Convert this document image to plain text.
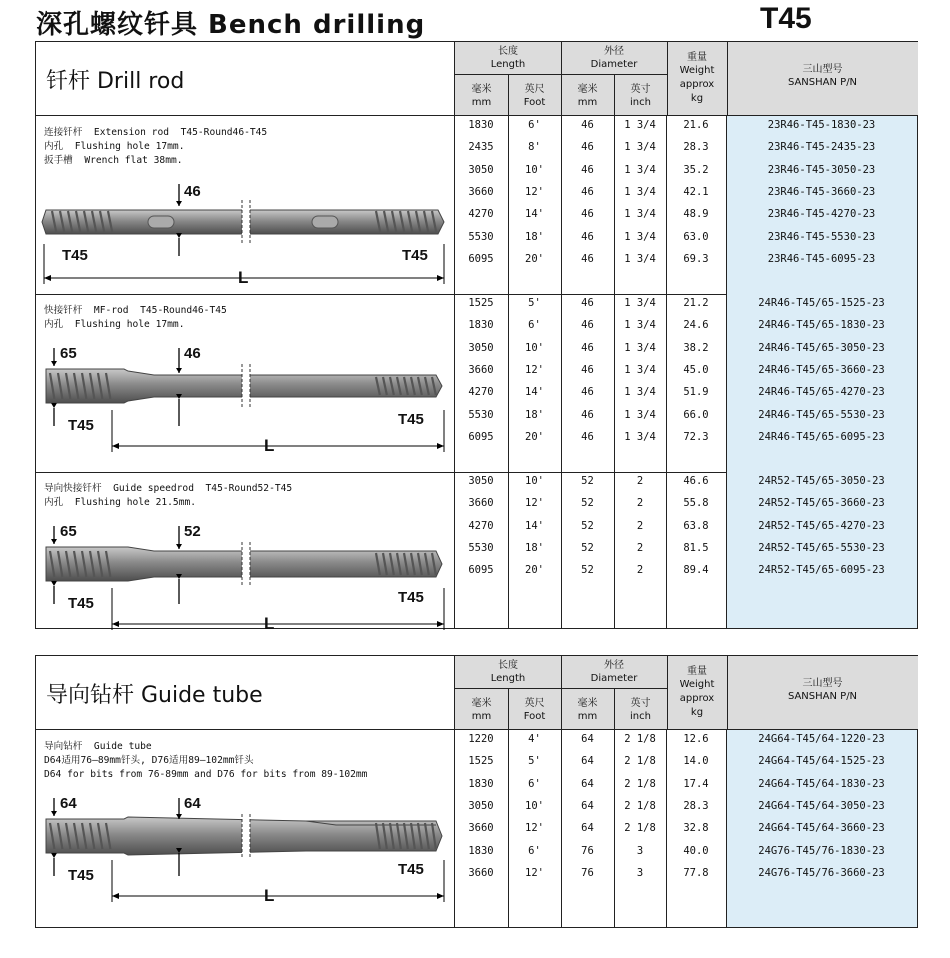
深孔螺纹钎具 Bench drilling	T45
钎杆 Drill rod
长度
Length
外径
Diameter
毫米
mm
英尺
Foot
毫米
mm
英寸
inch
重量
Weight
approx
kg
三山型号
SANSHAN P/N
连接钎杆  Extension rod  T45-Round46-T45
内孔  Flushing hole 17mm.
扳手槽  Wrench flat 38mm.
1830	6'	46	1 3/4	21.6	23R46-T45-1830-23
2435	8'	46	1 3/4	28.3	23R46-T45-2435-23
3050	10'	46	1 3/4	35.2	23R46-T45-3050-23
3660	12'	46	1 3/4	42.1	23R46-T45-3660-23
4270	14'	46	1 3/4	48.9	23R46-T45-4270-23
5530	18'	46	1 3/4	63.0	23R46-T45-5530-23
6095	20'	46	1 3/4	69.3	23R46-T45-6095-23
46
T45	T45
L
快接钎杆  MF-rod  T45-Round46-T45
内孔  Flushing hole 17mm.
1525	5'	46	1 3/4	21.2	24R46-T45/65-1525-23
1830	6'	46	1 3/4	24.6	24R46-T45/65-1830-23
3050	10'	46	1 3/4	38.2	24R46-T45/65-3050-23
3660	12'	46	1 3/4	45.0	24R46-T45/65-3660-23
4270	14'	46	1 3/4	51.9	24R46-T45/65-4270-23
5530	18'	46	1 3/4	66.0	24R46-T45/65-5530-23
6095	20'	46	1 3/4	72.3	24R46-T45/65-6095-23
65	46
T45	T45
L
导向快接钎杆  Guide speedrod  T45-Round52-T45
内孔  Flushing hole 21.5mm.
3050	10'	52	2	46.6	24R52-T45/65-3050-23
3660	12'	52	2	55.8	24R52-T45/65-3660-23
4270	14'	52	2	63.8	24R52-T45/65-4270-23
5530	18'	52	2	81.5	24R52-T45/65-5530-23
6095	20'	52	2	89.4	24R52-T45/65-6095-23
65	52
T45	T45
L
导向钻杆 Guide tube
长度
Length
外径
Diameter
毫米
mm
英尺
Foot
毫米
mm
英寸
inch
重量
Weight
approx
kg
三山型号
SANSHAN P/N
导向钻杆  Guide tube
D64适用76—89mm钎头, D76适用89—102mm钎头
D64 for bits from 76-89mm and D76 for bits from 89-102mm
1220	4'	64	2 1/8	12.6	24G64-T45/64-1220-23
1525	5'	64	2 1/8	14.0	24G64-T45/64-1525-23
1830	6'	64	2 1/8	17.4	24G64-T45/64-1830-23
3050	10'	64	2 1/8	28.3	24G64-T45/64-3050-23
3660	12'	64	2 1/8	32.8	24G64-T45/64-3660-23
1830	6'	76	3	40.0	24G76-T45/76-1830-23
3660	12'	76	3	77.8	24G76-T45/76-3660-23
64	64
T45	T45
L
